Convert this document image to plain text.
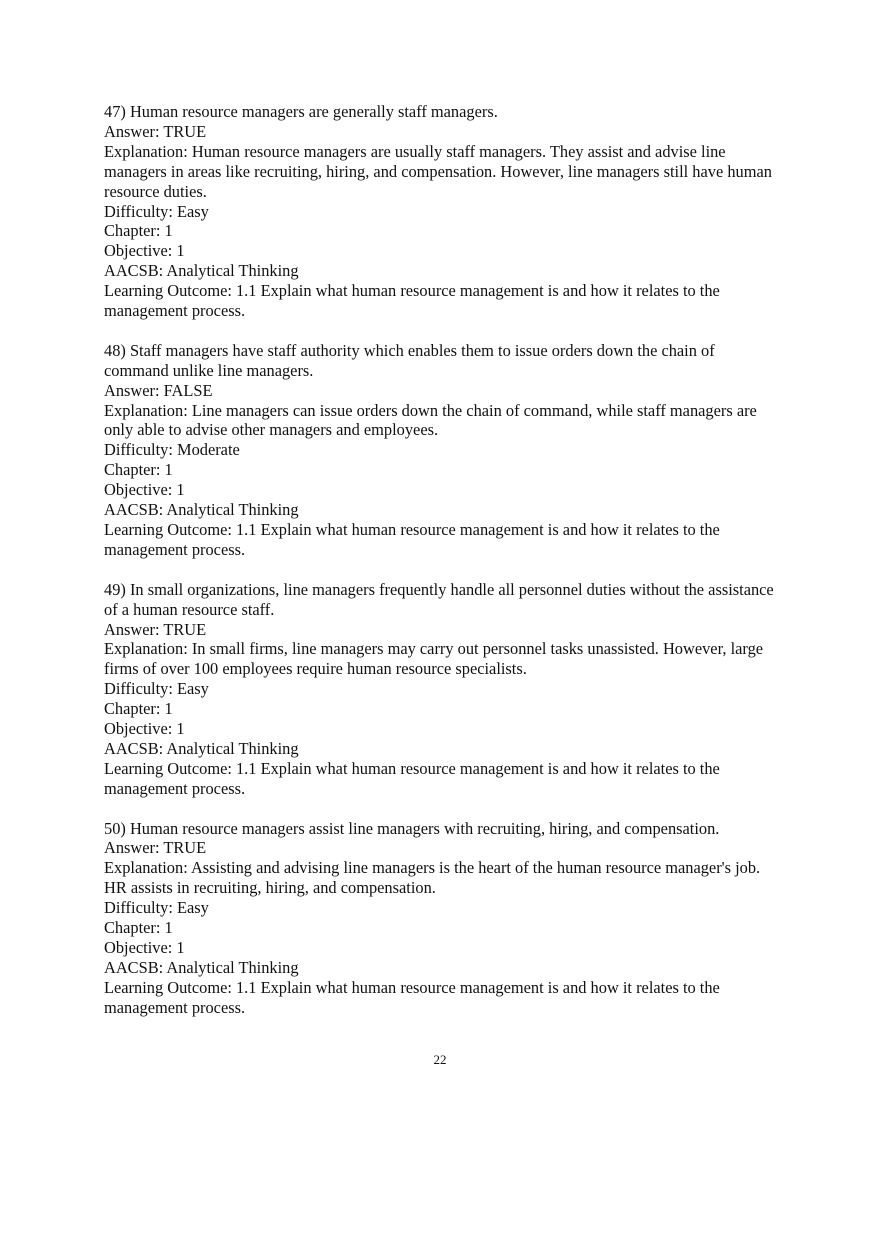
47) Human resource managers are generally staff managers.
Answer: TRUE
Explanation: Human resource managers are usually staff managers. They assist and advise line managers in areas like recruiting, hiring, and compensation. However, line managers still have human resource duties.
Difficulty: Easy
Chapter: 1
Objective: 1
AACSB: Analytical Thinking
Learning Outcome: 1.1 Explain what human resource management is and how it relates to the management process.
48) Staff managers have staff authority which enables them to issue orders down the chain of command unlike line managers.
Answer: FALSE
Explanation: Line managers can issue orders down the chain of command, while staff managers are only able to advise other managers and employees.
Difficulty: Moderate
Chapter: 1
Objective: 1
AACSB: Analytical Thinking
Learning Outcome: 1.1 Explain what human resource management is and how it relates to the management process.
49) In small organizations, line managers frequently handle all personnel duties without the assistance of a human resource staff.
Answer: TRUE
Explanation: In small firms, line managers may carry out personnel tasks unassisted. However, large firms of over 100 employees require human resource specialists.
Difficulty: Easy
Chapter: 1
Objective: 1
AACSB: Analytical Thinking
Learning Outcome: 1.1 Explain what human resource management is and how it relates to the management process.
50) Human resource managers assist line managers with recruiting, hiring, and compensation.
Answer: TRUE
Explanation: Assisting and advising line managers is the heart of the human resource manager's job. HR assists in recruiting, hiring, and compensation.
Difficulty: Easy
Chapter: 1
Objective: 1
AACSB: Analytical Thinking
Learning Outcome: 1.1 Explain what human resource management is and how it relates to the management process.
22
